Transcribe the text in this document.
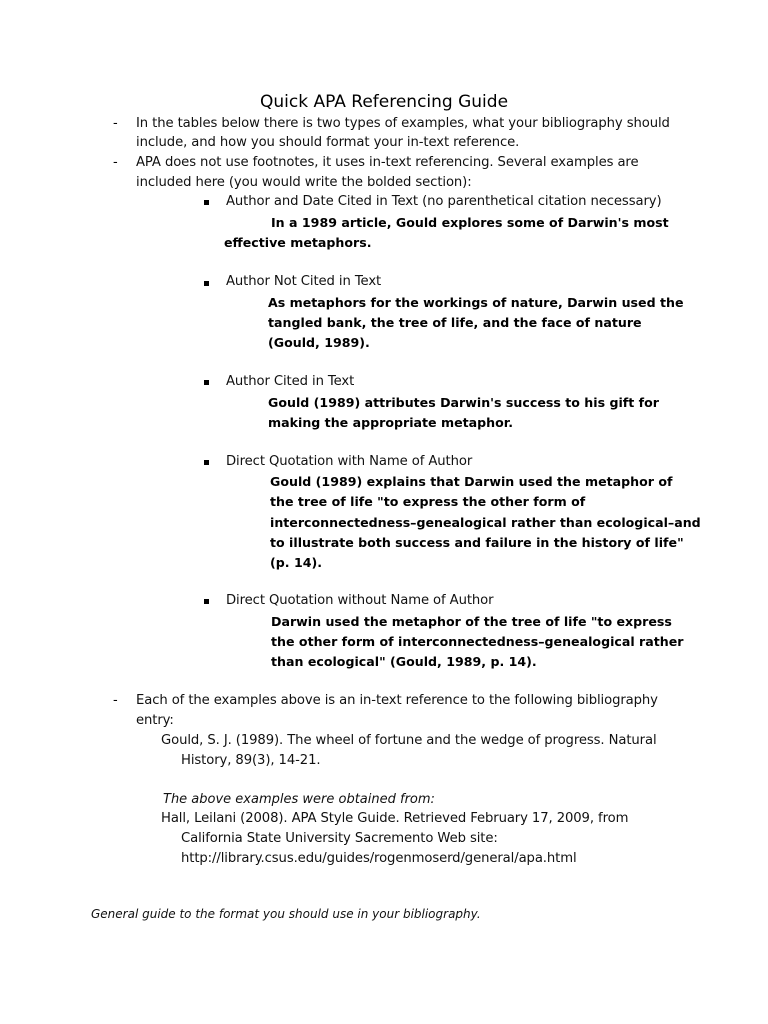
Quick APA Referencing Guide
- In the tables below there is two types of examples, what your bibliography should
include, and how you should format your in-text reference.
- APA does not use footnotes, it uses in-text referencing. Several examples are
included here (you would write the bolded section):
Author and Date Cited in Text (no parenthetical citation necessary)
In a 1989 article, Gould explores some of Darwin's most
effective metaphors.
Author Not Cited in Text
As metaphors for the workings of nature, Darwin used the
tangled bank, the tree of life, and the face of nature
(Gould, 1989).
Author Cited in Text
Gould (1989) attributes Darwin's success to his gift for
making the appropriate metaphor.
Direct Quotation with Name of Author
Gould (1989) explains that Darwin used the metaphor of
the tree of life "to express the other form of
interconnectedness–genealogical rather than ecological–and
to illustrate both success and failure in the history of life"
(p. 14).
Direct Quotation without Name of Author
Darwin used the metaphor of the tree of life "to express
the other form of interconnectedness–genealogical rather
than ecological" (Gould, 1989, p. 14).
- Each of the examples above is an in-text reference to the following bibliography
entry:
Gould, S. J. (1989). The wheel of fortune and the wedge of progress. Natural
History, 89(3), 14-21.
The above examples were obtained from:
Hall, Leilani (2008). APA Style Guide. Retrieved February 17, 2009, from
California State University Sacremento Web site:
http://library.csus.edu/guides/rogenmoserd/general/apa.html
General guide to the format you should use in your bibliography.
